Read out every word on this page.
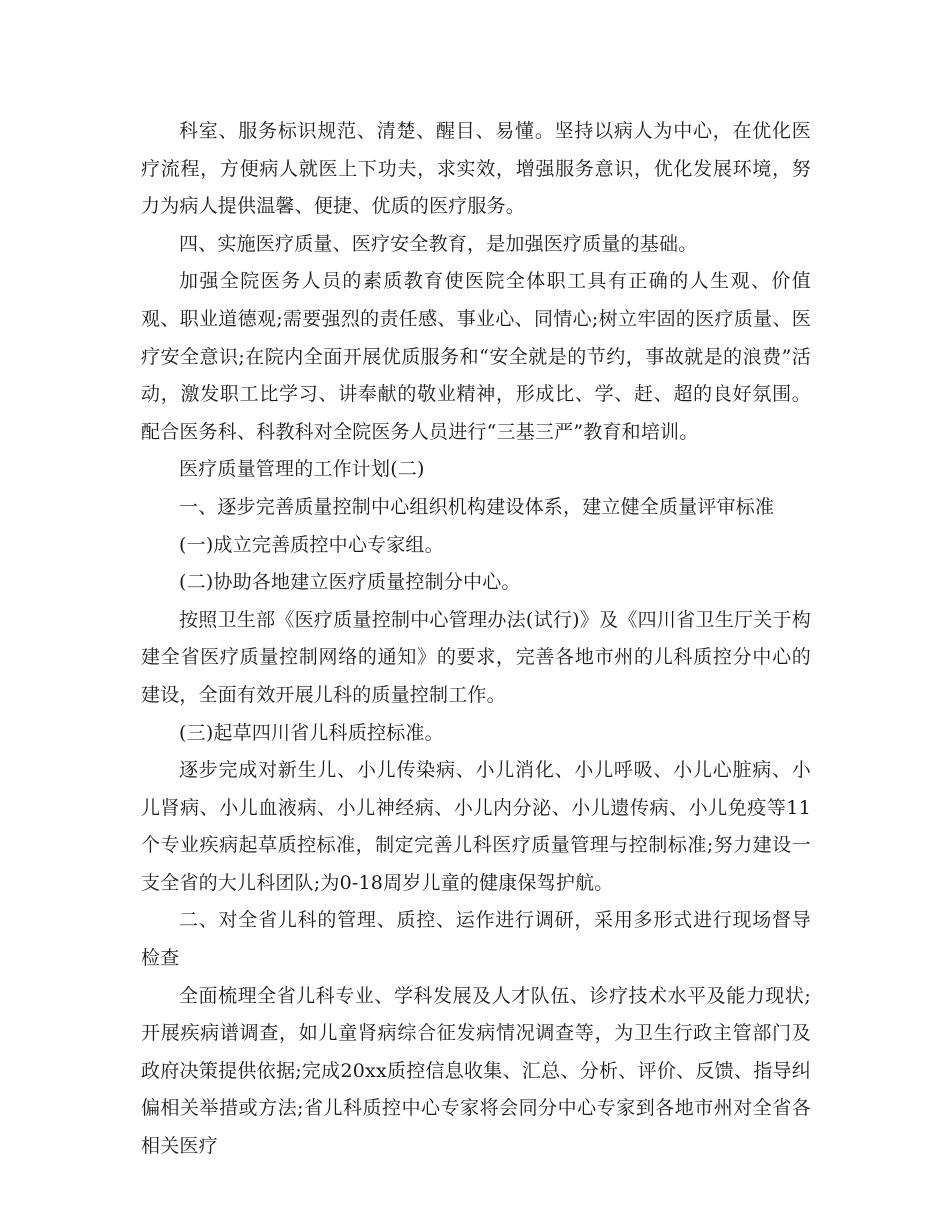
科室、服务标识规范、清楚、醒目、易懂。坚持以病人为中心，在优化医疗流程，方便病人就医上下功夫，求实效，增强服务意识，优化发展环境，努力为病人提供温馨、便捷、优质的医疗服务。

四、实施医疗质量、医疗安全教育，是加强医疗质量的基础。

加强全院医务人员的素质教育使医院全体职工具有正确的人生观、价值观、职业道德观;需要强烈的责任感、事业心、同情心;树立牢固的医疗质量、医疗安全意识;在院内全面开展优质服务和“安全就是的节约，事故就是的浪费”活动，激发职工比学习、讲奉献的敬业精神，形成比、学、赶、超的良好氛围。配合医务科、科教科对全院医务人员进行“三基三严”教育和培训。

医疗质量管理的工作计划(二)

一、逐步完善质量控制中心组织机构建设体系，建立健全质量评审标准

(一)成立完善质控中心专家组。

(二)协助各地建立医疗质量控制分中心。

按照卫生部《医疗质量控制中心管理办法(试行)》及《四川省卫生厅关于构建全省医疗质量控制网络的通知》的要求，完善各地市州的儿科质控分中心的建设，全面有效开展儿科的质量控制工作。

(三)起草四川省儿科质控标准。

逐步完成对新生儿、小儿传染病、小儿消化、小儿呼吸、小儿心脏病、小儿肾病、小儿血液病、小儿神经病、小儿内分泌、小儿遗传病、小儿免疫等11个专业疾病起草质控标准，制定完善儿科医疗质量管理与控制标准;努力建设一支全省的大儿科团队;为0-18周岁儿童的健康保驾护航。

二、对全省儿科的管理、质控、运作进行调研，采用多形式进行现场督导检查

全面梳理全省儿科专业、学科发展及人才队伍、诊疗技术水平及能力现状;开展疾病谱调查，如儿童肾病综合征发病情况调查等，为卫生行政主管部门及政府决策提供依据;完成20xx质控信息收集、汇总、分析、评价、反馈、指导纠偏相关举措或方法;省儿科质控中心专家将会同分中心专家到各地市州对全省各相关医疗
